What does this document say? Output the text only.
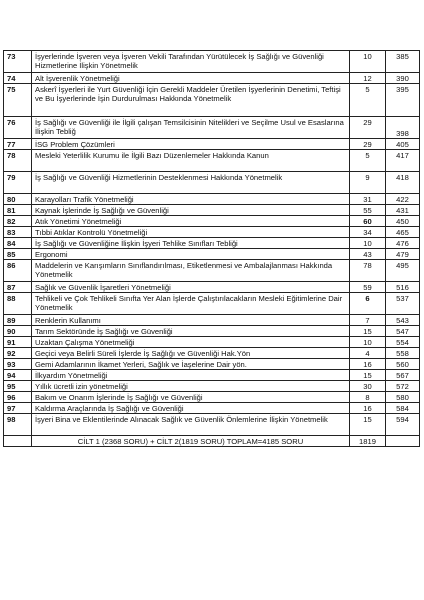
73	İşyerlerinde İşveren veya İşveren Vekili Tarafından Yürütülecek İş Sağlığı ve Güvenliği Hizmetlerine İlişkin Yönetmelik	10	385
74	Alt İşverenlik Yönetmeliği	12	390
75	Askerî İşyerleri ile Yurt Güvenliği İçin Gerekli Maddeler Üretilen İşyerlerinin Denetimi, Teftişi ve Bu İşyerlerinde İşin Durdurulması Hakkında Yönetmelik	5	395
76	İş Sağlığı ve Güvenliği ile İlgili çalışan Temsilcisinin Nitelikleri ve Seçilme Usul ve Esaslarına İlişkin Tebliğ	29	398
77	İSG Problem Çözümleri	29	405
78	Mesleki Yeterlilik Kurumu ile İlgili Bazı Düzenlemeler Hakkında Kanun	5	417
79	İş Sağlığı ve Güvenliği Hizmetlerinin Desteklenmesi Hakkında Yönetmelik	9	418
80	Karayolları Trafik Yönetmeliği	31	422
81	Kaynak İşlerinde İş Sağlığı ve Güvenliği	55	431
82	Atık Yönetimi Yönetmeliği	60	450
83	Tıbbi Atıklar Kontrolü Yönetmeliği	34	465
84	İş Sağlığı ve Güvenliğine İlişkin İşyeri Tehlike Sınıfları Tebliği	10	476
85	Ergonomi	43	479
86	Maddelerin ve Karışımların Sınıflandırılması, Etiketlenmesi ve Ambalajlanması Hakkında Yönetmelik	78	495
87	Sağlık ve Güvenlik İşaretleri Yönetmeliği	59	516
88	Tehlikeli ve Çok Tehlikeli Sınıfta Yer Alan İşlerde Çalıştırılacakların Mesleki Eğitimlerine Dair Yönetmelik	6	537
89	Renklerin Kullanımı	7	543
90	Tarım Sektöründe İş Sağlığı ve Güvenliği	15	547
91	Uzaktan Çalışma Yönetmeliği	10	554
92	Geçici veya Belirli Süreli İşlerde İş Sağlığı ve Güvenliği Hak.Yön	4	558
93	Gemi Adamlarının İkamet Yerleri, Sağlık ve İaşelerine Dair yön.	16	560
94	İlkyardım Yönetmeliği	15	567
95	Yıllık ücretli izin yönetmeliği	30	572
96	Bakım ve Onarım İşlerinde İş Sağlığı ve Güvenliği	8	580
97	Kaldırma Araçlarında İş Sağlığı ve Güvenliği	16	584
98	İşyeri Bina ve Eklentilerinde Alınacak Sağlık ve Güvenlik Önlemlerine İlişkin Yönetmelik	15	594
	CİLT 1 (2368 SORU) + CİLT 2(1819 SORU) TOPLAM=4185 SORU	1819	
